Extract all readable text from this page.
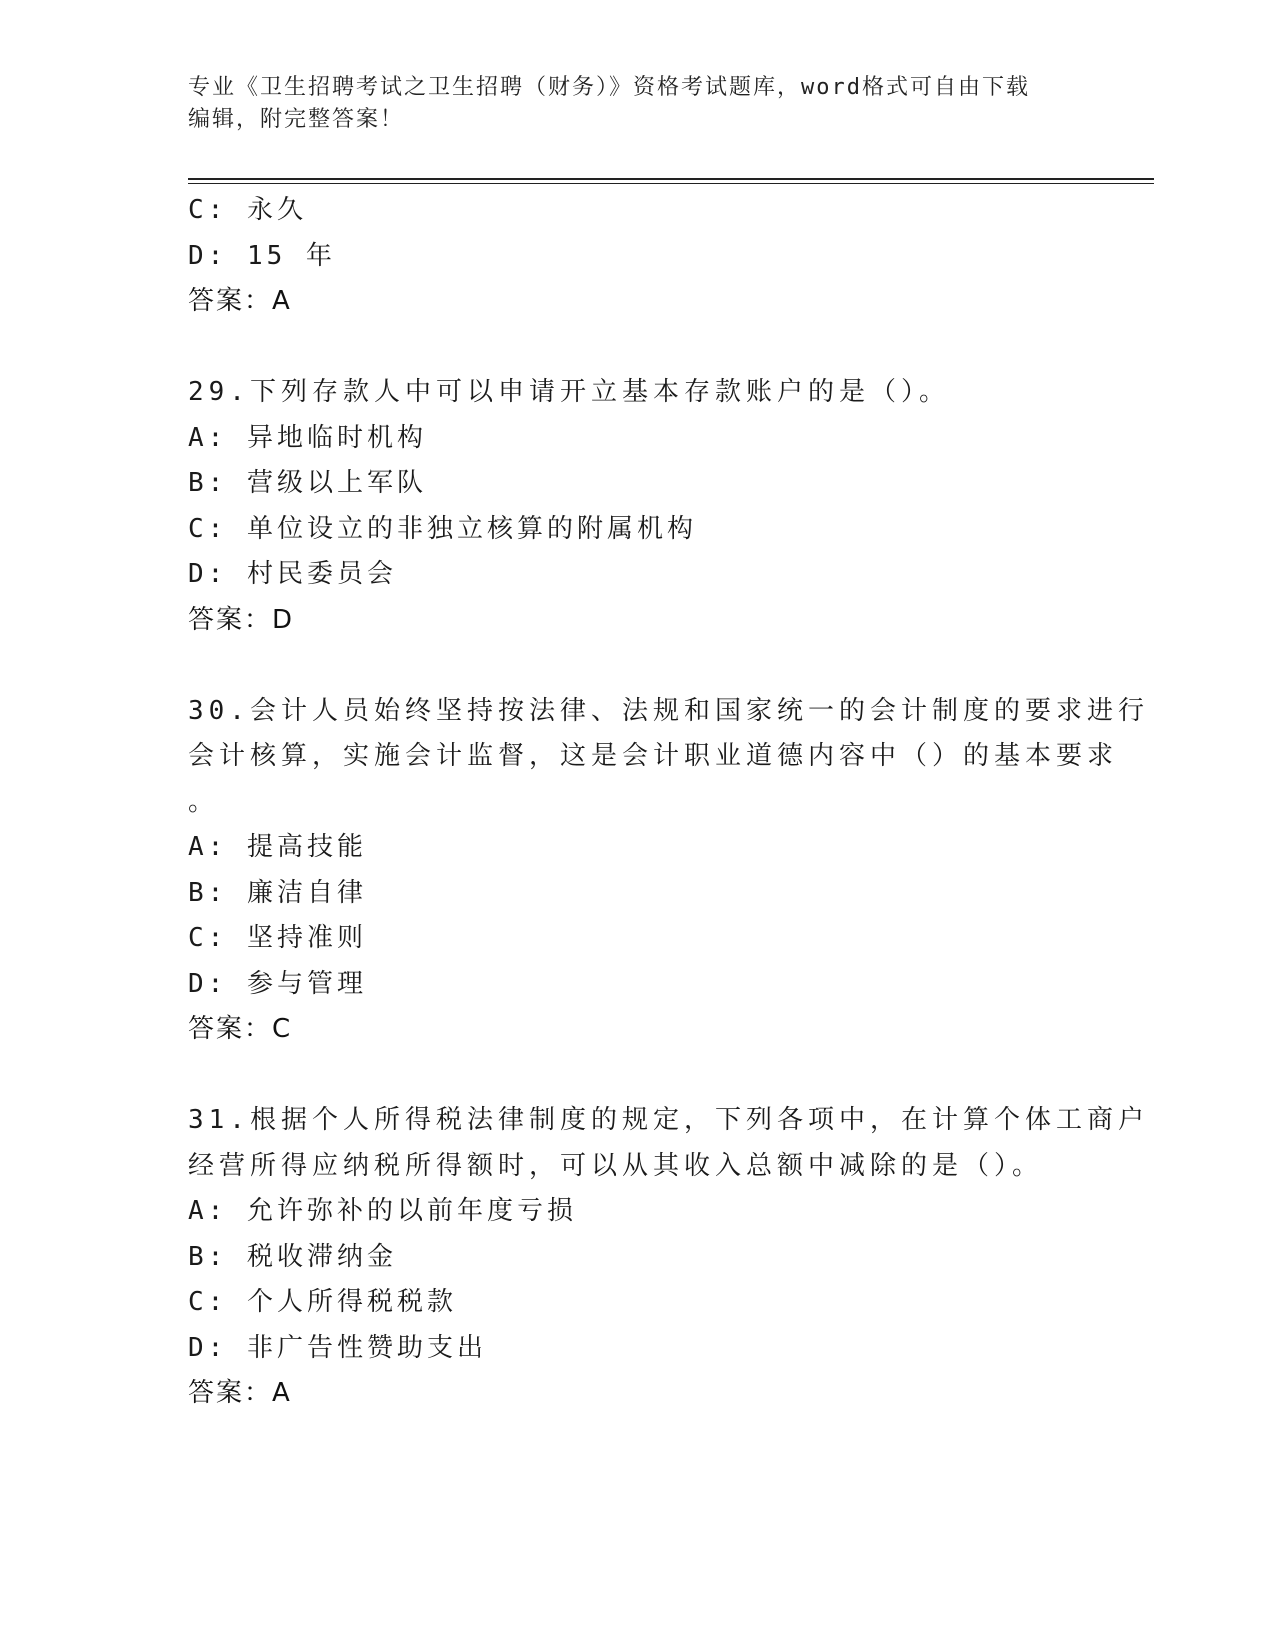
专业《卫生招聘考试之卫生招聘（财务）》资格考试题库，word格式可自由下载
编辑，附完整答案！
C: 永久
D: 15 年
答案：A
29.下列存款人中可以申请开立基本存款账户的是（）。
A: 异地临时机构
B: 营级以上军队
C: 单位设立的非独立核算的附属机构
D: 村民委员会
答案：D
30.会计人员始终坚持按法律、法规和国家统一的会计制度的要求进行
会计核算，实施会计监督，这是会计职业道德内容中（）的基本要求
。
A: 提高技能
B: 廉洁自律
C: 坚持准则
D: 参与管理
答案：C
31.根据个人所得税法律制度的规定，下列各项中，在计算个体工商户
经营所得应纳税所得额时，可以从其收入总额中减除的是（）。
A: 允许弥补的以前年度亏损
B: 税收滞纳金
C: 个人所得税税款
D: 非广告性赞助支出
答案：A
